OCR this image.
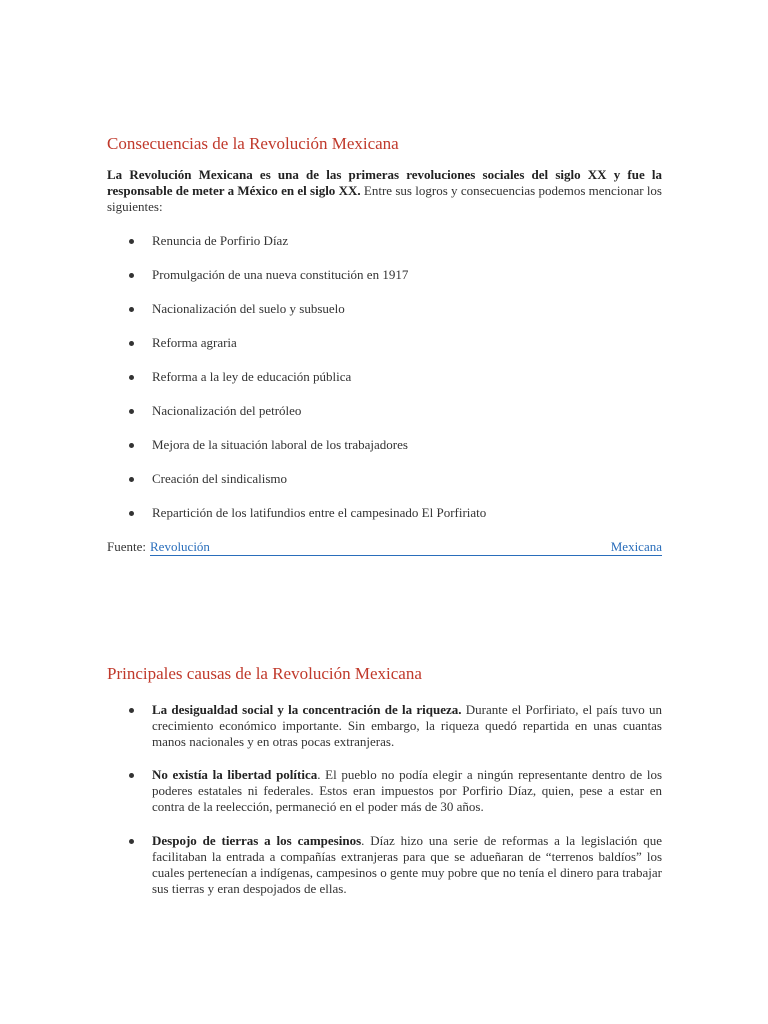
Consecuencias de la Revolución Mexicana

La Revolución Mexicana es una de las primeras revoluciones sociales del siglo XX y fue la responsable de meter a México en el siglo XX. Entre sus logros y consecuencias podemos mencionar los siguientes:

Renuncia de Porfirio Díaz
Promulgación de una nueva constitución en 1917
Nacionalización del suelo y subsuelo
Reforma agraria
Reforma a la ley de educación pública
Nacionalización del petróleo
Mejora de la situación laboral de los trabajadores
Creación del sindicalismo
Repartición de los latifundios entre el campesinado El Porfiriato
Fuente: Revolución	Mexicana
Principales causas de la Revolución Mexicana
La desigualdad social y la concentración de la riqueza. Durante el Porfiriato, el país tuvo un crecimiento económico importante. Sin embargo, la riqueza quedó repartida en unas cuantas manos nacionales y en otras pocas extranjeras.
No existía la libertad política. El pueblo no podía elegir a ningún representante dentro de los poderes estatales ni federales. Estos eran impuestos por Porfirio Díaz, quien, pese a estar en contra de la reelección, permaneció en el poder más de 30 años.
Despojo de tierras a los campesinos. Díaz hizo una serie de reformas a la legislación que facilitaban la entrada a compañías extranjeras para que se adueñaran de “terrenos baldíos” los cuales pertenecían a indígenas, campesinos o gente muy pobre que no tenía el dinero para trabajar sus tierras y eran despojados de ellas.
